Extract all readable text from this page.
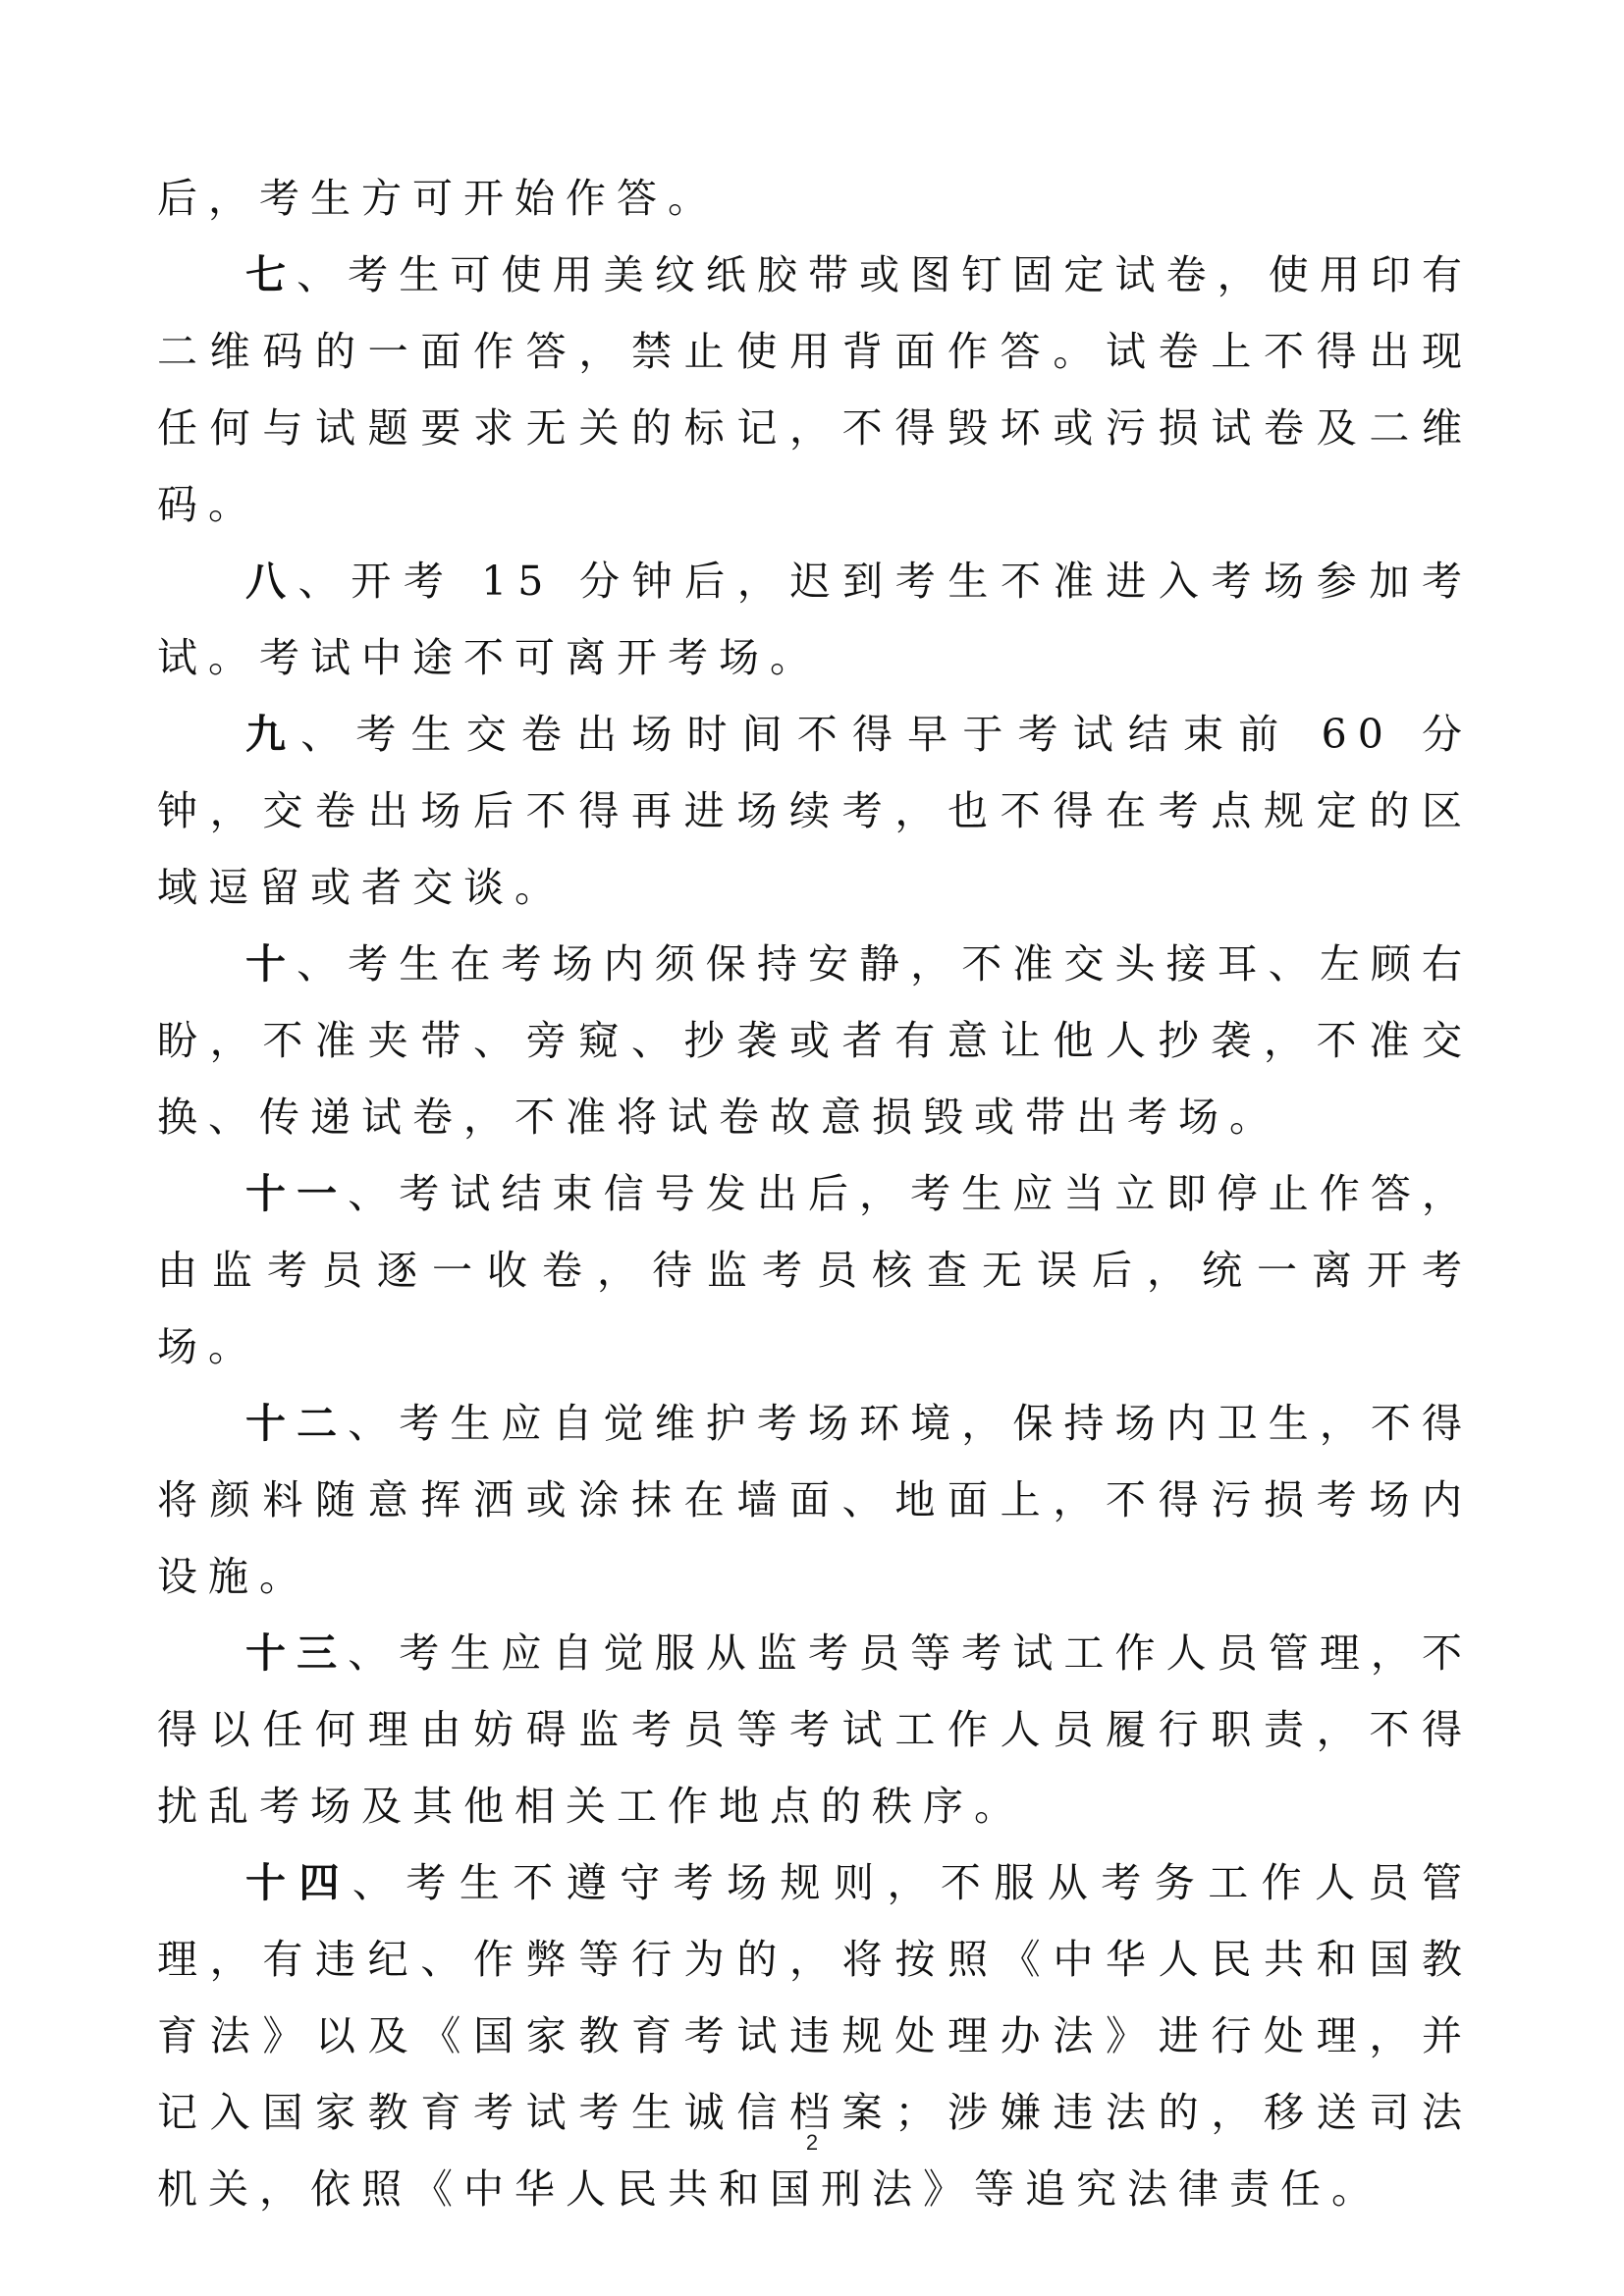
后，考生方可开始作答。

七、考生可使用美纹纸胶带或图钉固定试卷，使用印有二维码的一面作答，禁止使用背面作答。试卷上不得出现任何与试题要求无关的标记，不得毁坏或污损试卷及二维码。

八、开考 15 分钟后，迟到考生不准进入考场参加考试。考试中途不可离开考场。

九、考生交卷出场时间不得早于考试结束前 60 分钟，交卷出场后不得再进场续考，也不得在考点规定的区域逗留或者交谈。

十、考生在考场内须保持安静，不准交头接耳、左顾右盼，不准夹带、旁窥、抄袭或者有意让他人抄袭，不准交换、传递试卷，不准将试卷故意损毁或带出考场。

十一、考试结束信号发出后，考生应当立即停止作答，由监考员逐一收卷，待监考员核查无误后，统一离开考场。

十二、考生应自觉维护考场环境，保持场内卫生，不得将颜料随意挥洒或涂抹在墙面、地面上，不得污损考场内设施。

十三、考生应自觉服从监考员等考试工作人员管理，不得以任何理由妨碍监考员等考试工作人员履行职责，不得扰乱考场及其他相关工作地点的秩序。

十四、考生不遵守考场规则，不服从考务工作人员管理，有违纪、作弊等行为的，将按照《中华人民共和国教育法》以及《国家教育考试违规处理办法》进行处理，并记入国家教育考试考生诚信档案；涉嫌违法的，移送司法机关，依照《中华人民共和国刑法》等追究法律责任。

2
